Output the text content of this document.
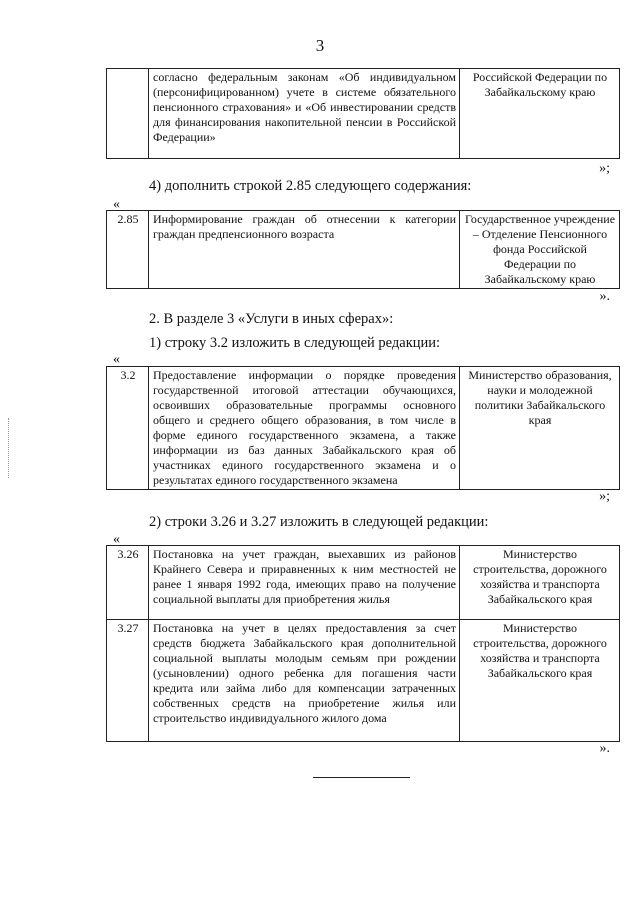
3
	согласно федеральным законам «Об индивидуальном (персонифицированном) учете в системе обязательного пенсионного страхования» и «Об инвестировании средств для финансирования накопительной пенсии в Российской Федерации»	Российской Федерации по Забайкальскому краю
»;
4) дополнить строкой 2.85 следующего содержания:
«
2.85	Информирование граждан об отнесении к категории граждан предпенсионного возраста	Государственное учреждение – Отделение Пенсионного фонда Российской Федерации по Забайкальскому краю
».
2. В разделе 3 «Услуги в иных сферах»:
1) строку 3.2 изложить в следующей редакции:
«
3.2	Предоставление информации о порядке проведения государственной итоговой аттестации обучающихся, освоивших образовательные программы основного общего и среднего общего образования, в том числе в форме единого государственного экзамена, а также информации из баз данных Забайкальского края об участниках единого государственного экзамена и о результатах единого государственного экзамена	Министерство образования, науки и молодежной политики Забайкальского края
»;
2) строки 3.26 и 3.27 изложить в следующей редакции:
«
3.26	Постановка на учет граждан, выехавших из районов Крайнего Севера и приравненных к ним местностей не ранее 1 января 1992 года, имеющих право на получение социальной выплаты для приобретения жилья	Министерство строительства, дорожного хозяйства и транспорта Забайкальского края
3.27	Постановка на учет в целях предоставления за счет средств бюджета Забайкальского края дополнительной социальной выплаты молодым семьям при рождении (усыновлении) одного ребенка для погашения части кредита или займа либо для компенсации затраченных собственных средств на приобретение жилья или строительство индивидуального жилого дома	Министерство строительства, дорожного хозяйства и транспорта Забайкальского края
».
